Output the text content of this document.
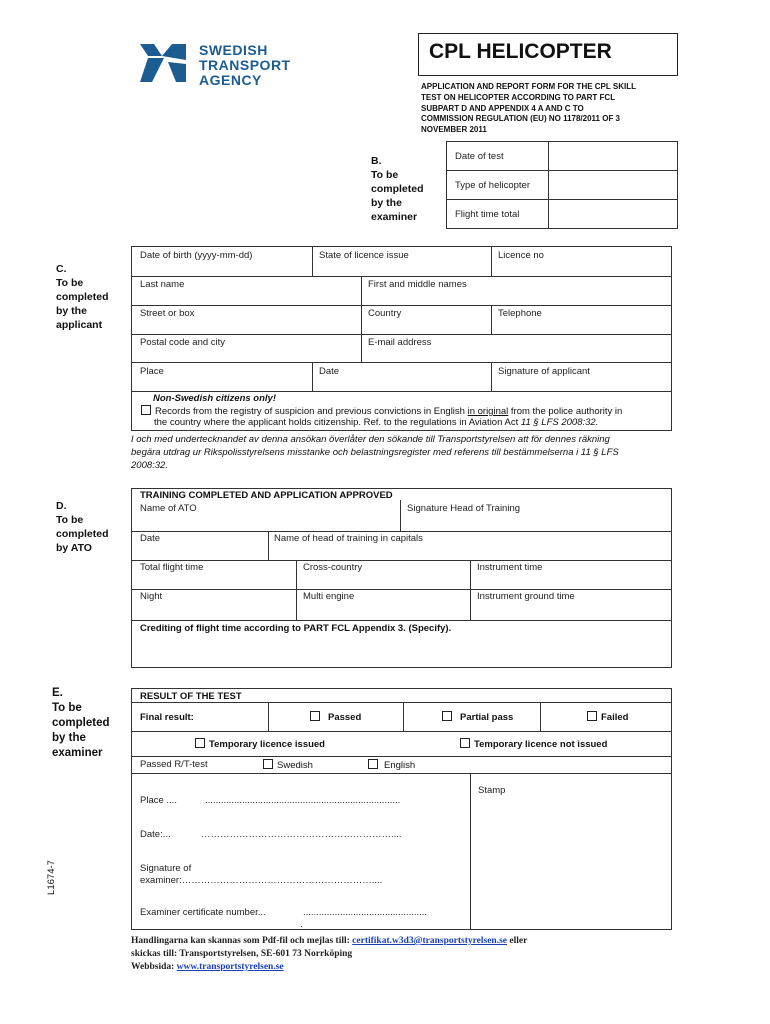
SWEDISH
TRANSPORT
AGENCY
CPL HELICOPTER
APPLICATION AND REPORT FORM FOR THE CPL SKILL
TEST ON HELICOPTER ACCORDING TO PART FCL
SUBPART D AND APPENDIX 4 A AND C TO
COMMISSION REGULATION (EU) NO 1178/2011 OF 3
NOVEMBER 2011
B.
To be
completed
by the
examiner
Date of test
Type of helicopter
Flight time total
C.
To be
completed
by the
applicant
Date of birth (yyyy-mm-dd)	State of licence issue	Licence no
Last name	First and middle names
Street or box	Country	Telephone
Postal code and city	E-mail address
Place	Date	Signature of applicant
Non-Swedish citizens only!
Records from the registry of suspicion and previous convictions in English in original from the police authority in
the country where the applicant holds citizenship. Ref. to the regulations in Aviation Act 11 § LFS 2008:32.
I och med undertecknandet av denna ansökan överlåter den sökande till Transportstyrelsen att för dennes räkning
begära utdrag ur Rikspolisstyrelsens misstanke och belastningsregister med referens till bestämmelserna i 11 § LFS
2008:32.
D.
To be
completed
by ATO
TRAINING COMPLETED AND APPLICATION APPROVED
Name of ATO	Signature Head of Training
Date	Name of head of training in capitals
Total flight time	Cross-country	Instrument time
Night	Multi engine	Instrument ground time
Crediting of flight time according to PART FCL Appendix 3. (Specify).
E.
To be
completed
by the
examiner
RESULT OF THE TEST
Final result:	Passed	Partial pass	Failed
Temporary licence issued	Temporary licence not issued
Passed R/T-test	Swedish	English
Stamp
Place ....	..........................................................................
Date:...	……………………………………………………....
Signature of
examiner:……………………………………………………....
Examiner certificate number...	...............................................
.
L1674-7
Handlingarna kan skannas som Pdf-fil och mejlas till: certifikat.w3d3@transportstyrelsen.se eller
skickas till: Transportstyrelsen, SE-601 73 Norrköping
Webbsida: www.transportstyrelsen.se
